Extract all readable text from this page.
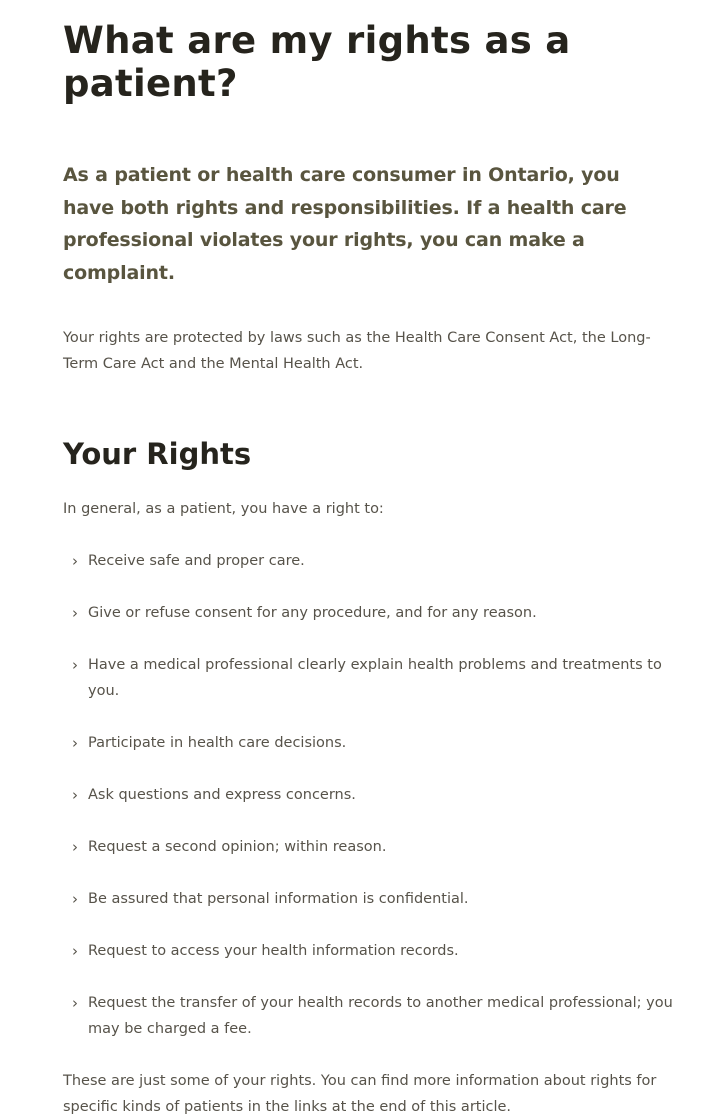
What are my rights as a patient?

As a patient or health care consumer in Ontario, you have both rights and responsibilities. If a health care professional violates your rights, you can make a complaint.

Your rights are protected by laws such as the Health Care Consent Act, the Long-Term Care Act and the Mental Health Act.

Your Rights

In general, as a patient, you have a right to:

› Receive safe and proper care.
› Give or refuse consent for any procedure, and for any reason.
› Have a medical professional clearly explain health problems and treatments to you.
› Participate in health care decisions.
› Ask questions and express concerns.
› Request a second opinion; within reason.
› Be assured that personal information is confidential.
› Request to access your health information records.
› Request the transfer of your health records to another medical professional; you may be charged a fee.

These are just some of your rights. You can find more information about rights for specific kinds of patients in the links at the end of this article.
